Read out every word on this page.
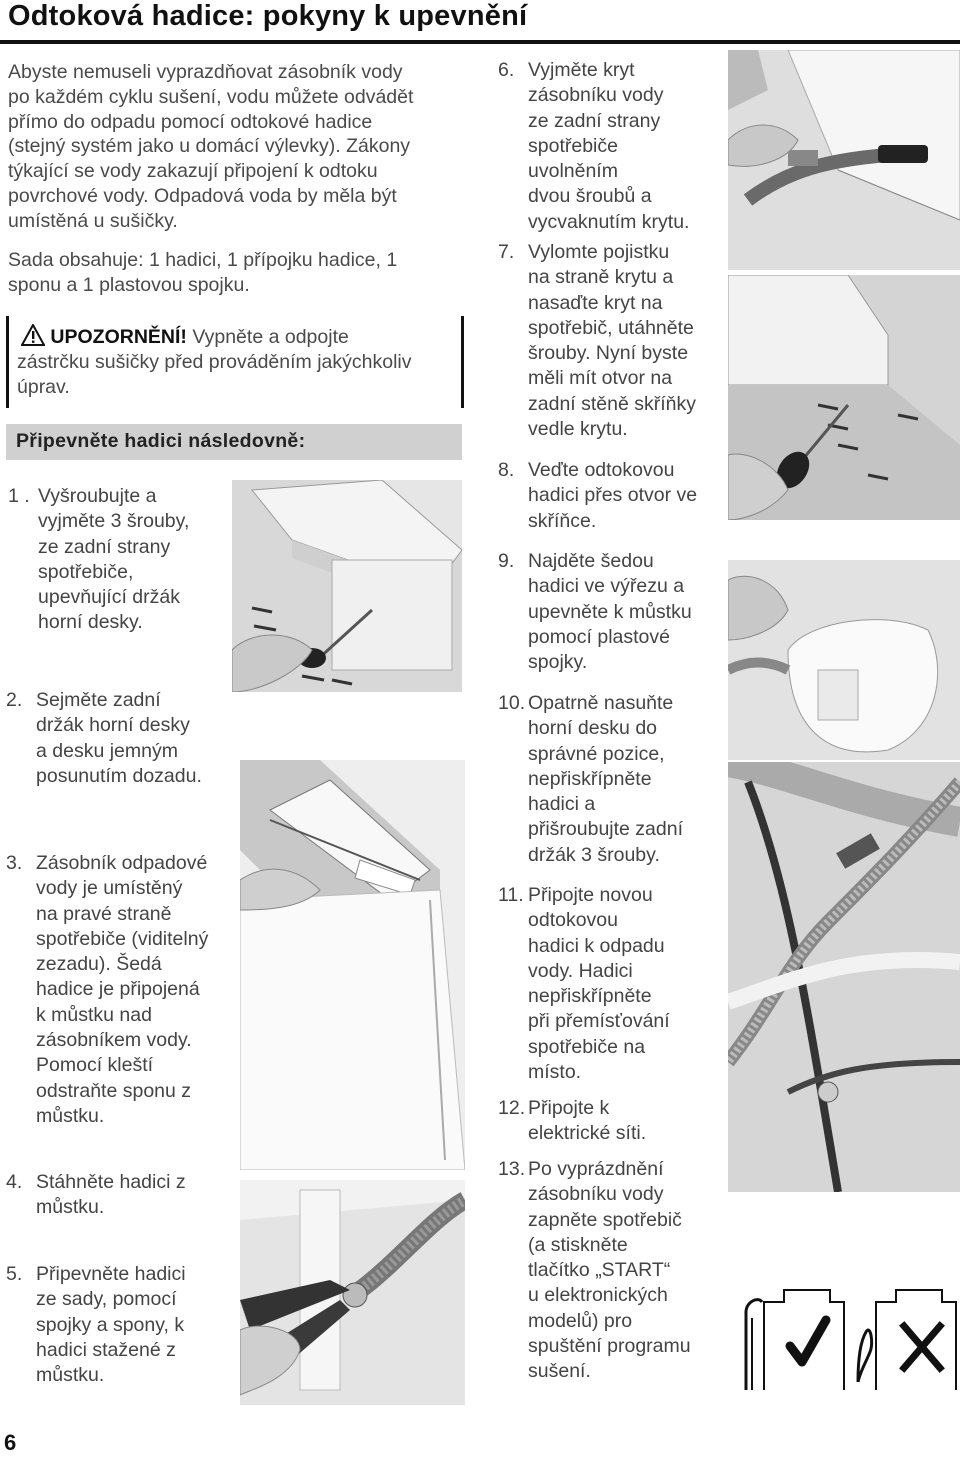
Odtoková hadice: pokyny k upevnění
Abyste nemuseli vyprazdňovat zásobník vody
po každém cyklu sušení, vodu můžete odvádět
přímo do odpadu pomocí odtokové hadice
(stejný systém jako u domácí výlevky). Zákony
týkající se vody zakazují připojení k odtoku
povrchové vody. Odpadová voda by měla být
umístěná u sušičky.
Sada obsahuje: 1 hadici, 1 přípojku hadice, 1
sponu a 1 plastovou spojku.
UPOZORNĚNÍ! Vypněte a odpojte
zástrčku sušičky před prováděním jakýchkoliv
úprav.
Připevněte hadici následovně:
1 . Vyšroubujte a
vyjměte 3 šrouby,
ze zadní strany
spotřebiče,
upevňující držák
horní desky.
2. Sejměte zadní
držák horní desky
a desku jemným
posunutím dozadu.
3. Zásobník odpadové
vody je umístěný
na pravé straně
spotřebiče (viditelný
zezadu). Šedá
hadice je připojená
k můstku nad
zásobníkem vody.
Pomocí kleští
odstraňte sponu z
můstku.
4. Stáhněte hadici z
můstku.
5. Připevněte hadici
ze sady, pomocí
spojky a spony, k
hadici stažené z
můstku.
6. Vyjměte kryt
zásobníku vody
ze zadní strany
spotřebiče
uvolněním
dvou šroubů a
vycvaknutím krytu.
7. Vylomte pojistku
na straně krytu a
nasaďte kryt na
spotřebič, utáhněte
šrouby. Nyní byste
měli mít otvor na
zadní stěně skříňky
vedle krytu.
8. Veďte odtokovou
hadici přes otvor ve
skříňce.
9. Najděte šedou
hadici ve výřezu a
upevněte k můstku
pomocí plastové
spojky.
10. Opatrně nasuňte
horní desku do
správné pozice,
nepřiskřípněte
hadici a
přišroubujte zadní
držák 3 šrouby.
11. Připojte novou
odtokovou
hadici k odpadu
vody. Hadici
nepřiskřípněte
při přemísťování
spotřebiče na
místo.
12. Připojte k
elektrické síti.
13. Po vyprázdnění
zásobníku vody
zapněte spotřebič
(a stiskněte
tlačítko „START“
u elektronických
modelů) pro
spuštění programu
sušení.
6
